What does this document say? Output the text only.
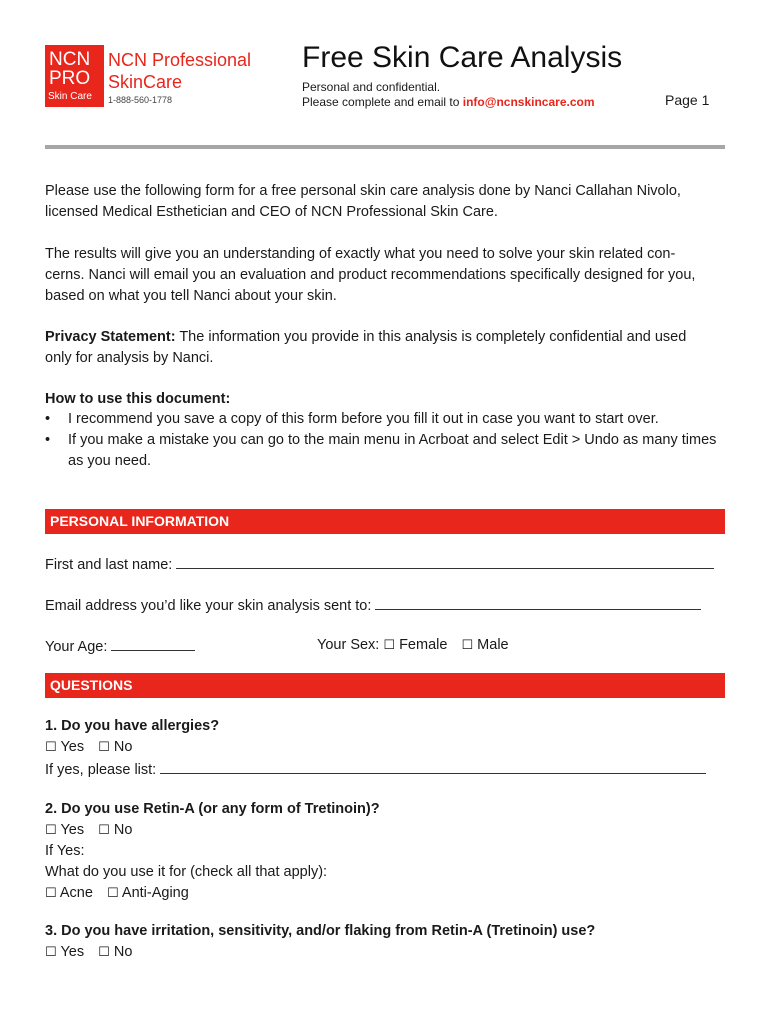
NCN
PRO
Skin Care
NCN Professional
SkinCare
1-888-560-1778
Free Skin Care Analysis
Personal and confidential.
Please complete and email to info@ncnskincare.com	Page 1
Please use the following form for a free personal skin care analysis done by Nanci Callahan Nivolo,
licensed Medical Esthetician and CEO of NCN Professional Skin Care.
The results will give you an understanding of exactly what you need to solve your skin related con-
cerns. Nanci will email you an evaluation and product recommendations specifically designed for you,
based on what you tell Nanci about your skin.
Privacy Statement: The information you provide in this analysis is completely confidential and used
only for analysis by Nanci.
How to use this document:
•	I recommend you save a copy of this form before you fill it out in case you want to start over.
•	If you make a mistake you can go to the main menu in Acrboat and select Edit > Undo as many times as you need.
PERSONAL INFORMATION
First and last name:
Email address you’d like your skin analysis sent to:
Your Age:	Your Sex: ☐ Female ☐ Male
QUESTIONS
1. Do you have allergies?
☐ Yes ☐ No
If yes, please list:
2. Do you use Retin-A (or any form of Tretinoin)?
☐ Yes ☐ No
If Yes:
What do you use it for (check all that apply):
☐ Acne ☐ Anti-Aging
3. Do you have irritation, sensitivity, and/or flaking from Retin-A (Tretinoin) use?
☐ Yes ☐ No
